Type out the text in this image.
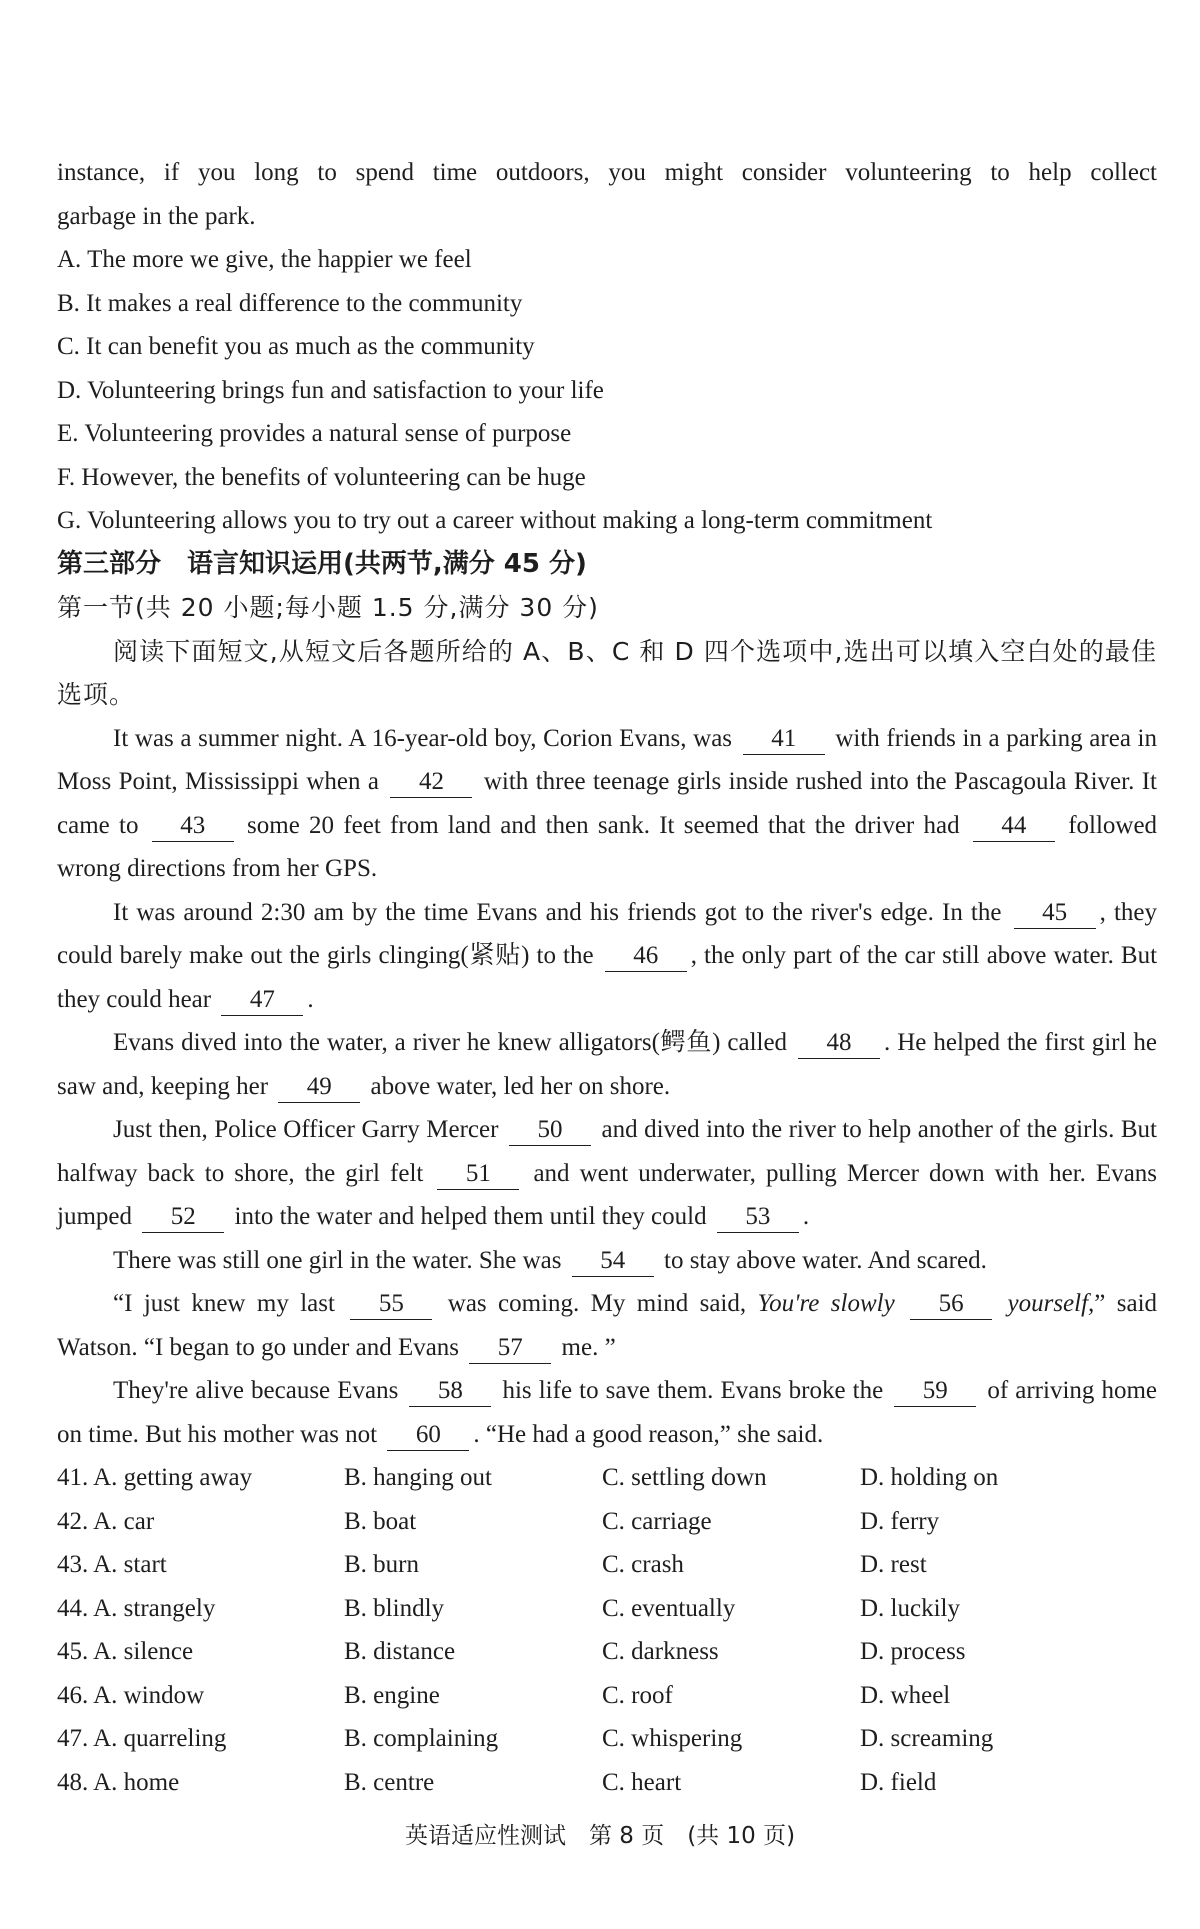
instance, if you long to spend time outdoors, you might consider volunteering to help collect
garbage in the park.
A. The more we give, the happier we feel
B. It makes a real difference to the community
C. It can benefit you as much as the community
D. Volunteering brings fun and satisfaction to your life
E. Volunteering provides a natural sense of purpose
F. However, the benefits of volunteering can be huge
G. Volunteering allows you to try out a career without making a long-term commitment
第三部分　语言知识运用(共两节,满分 45 分)
第一节(共 20 小题;每小题 1.5 分,满分 30 分)
阅读下面短文,从短文后各题所给的 A、B、C 和 D 四个选项中,选出可以填入空白处的最佳选项。
It was a summer night. A 16-year-old boy, Corion Evans, was 41 with friends in a parking area in Moss Point, Mississippi when a 42 with three teenage girls inside rushed into the Pascagoula River. It came to 43 some 20 feet from land and then sank. It seemed that the driver had 44 followed wrong directions from her GPS.
It was around 2:30 am by the time Evans and his friends got to the river's edge. In the 45 , they could barely make out the girls clinging(紧贴) to the 46 , the only part of the car still above water. But they could hear 47 .
Evans dived into the water, a river he knew alligators(鳄鱼) called 48 . He helped the first girl he saw and, keeping her 49 above water, led her on shore.
Just then, Police Officer Garry Mercer 50 and dived into the river to help another of the girls. But halfway back to shore, the girl felt 51 and went underwater, pulling Mercer down with her. Evans jumped 52 into the water and helped them until they could 53 .
There was still one girl in the water. She was 54 to stay above water. And scared.
“I just knew my last 55 was coming. My mind said, You're slowly 56 yourself,” said Watson. “I began to go under and Evans 57 me. ”
They're alive because Evans 58 his life to save them. Evans broke the 59 of arriving home on time. But his mother was not 60 . “He had a good reason,” she said.
41. A. getting away	B. hanging out	C. settling down	D. holding on
42. A. car	B. boat	C. carriage	D. ferry
43. A. start	B. burn	C. crash	D. rest
44. A. strangely	B. blindly	C. eventually	D. luckily
45. A. silence	B. distance	C. darkness	D. process
46. A. window	B. engine	C. roof	D. wheel
47. A. quarreling	B. complaining	C. whispering	D. screaming
48. A. home	B. centre	C. heart	D. field
英语适应性测试　第 8 页　(共 10 页)
